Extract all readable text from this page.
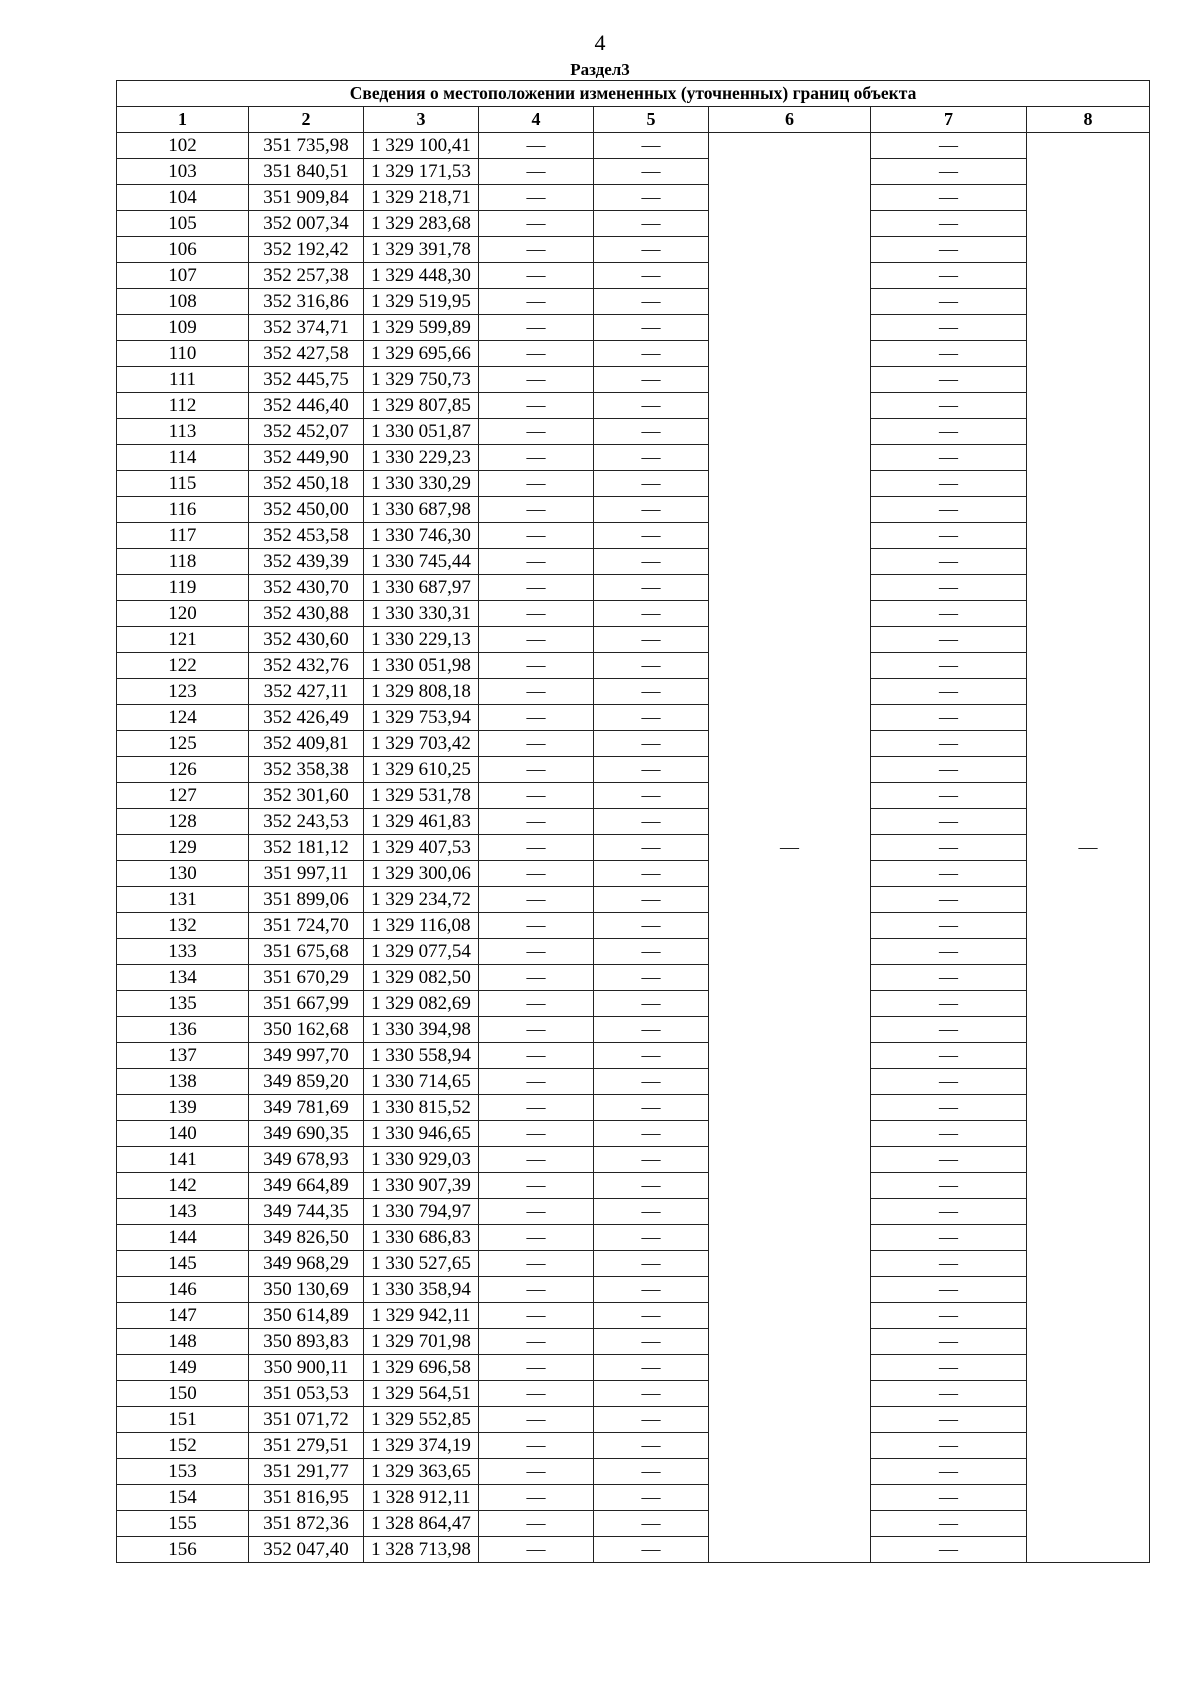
4
Раздел3
Сведения о местоположении измененных (уточненных) границ объекта							
1	2	3	4	5	6	7	8
102	351 735,98	1 329 100,41	—	—	—	—	—
103	351 840,51	1 329 171,53	—	—		—	
104	351 909,84	1 329 218,71	—	—		—	
105	352 007,34	1 329 283,68	—	—		—	
106	352 192,42	1 329 391,78	—	—		—	
107	352 257,38	1 329 448,30	—	—		—	
108	352 316,86	1 329 519,95	—	—		—	
109	352 374,71	1 329 599,89	—	—		—	
110	352 427,58	1 329 695,66	—	—		—	
111	352 445,75	1 329 750,73	—	—		—	
112	352 446,40	1 329 807,85	—	—		—	
113	352 452,07	1 330 051,87	—	—		—	
114	352 449,90	1 330 229,23	—	—		—	
115	352 450,18	1 330 330,29	—	—		—	
116	352 450,00	1 330 687,98	—	—		—	
117	352 453,58	1 330 746,30	—	—		—	
118	352 439,39	1 330 745,44	—	—		—	
119	352 430,70	1 330 687,97	—	—		—	
120	352 430,88	1 330 330,31	—	—		—	
121	352 430,60	1 330 229,13	—	—		—	
122	352 432,76	1 330 051,98	—	—		—	
123	352 427,11	1 329 808,18	—	—		—	
124	352 426,49	1 329 753,94	—	—		—	
125	352 409,81	1 329 703,42	—	—		—	
126	352 358,38	1 329 610,25	—	—		—	
127	352 301,60	1 329 531,78	—	—		—	
128	352 243,53	1 329 461,83	—	—		—	
129	352 181,12	1 329 407,53	—	—		—	
130	351 997,11	1 329 300,06	—	—		—	
131	351 899,06	1 329 234,72	—	—		—	
132	351 724,70	1 329 116,08	—	—		—	
133	351 675,68	1 329 077,54	—	—		—	
134	351 670,29	1 329 082,50	—	—		—	
135	351 667,99	1 329 082,69	—	—		—	
136	350 162,68	1 330 394,98	—	—		—	
137	349 997,70	1 330 558,94	—	—		—	
138	349 859,20	1 330 714,65	—	—		—	
139	349 781,69	1 330 815,52	—	—		—	
140	349 690,35	1 330 946,65	—	—		—	
141	349 678,93	1 330 929,03	—	—		—	
142	349 664,89	1 330 907,39	—	—		—	
143	349 744,35	1 330 794,97	—	—		—	
144	349 826,50	1 330 686,83	—	—		—	
145	349 968,29	1 330 527,65	—	—		—	
146	350 130,69	1 330 358,94	—	—		—	
147	350 614,89	1 329 942,11	—	—		—	
148	350 893,83	1 329 701,98	—	—		—	
149	350 900,11	1 329 696,58	—	—		—	
150	351 053,53	1 329 564,51	—	—		—	
151	351 071,72	1 329 552,85	—	—		—	
152	351 279,51	1 329 374,19	—	—		—	
153	351 291,77	1 329 363,65	—	—		—	
154	351 816,95	1 328 912,11	—	—		—	
155	351 872,36	1 328 864,47	—	—		—	
156	352 047,40	1 328 713,98	—	—		—	
